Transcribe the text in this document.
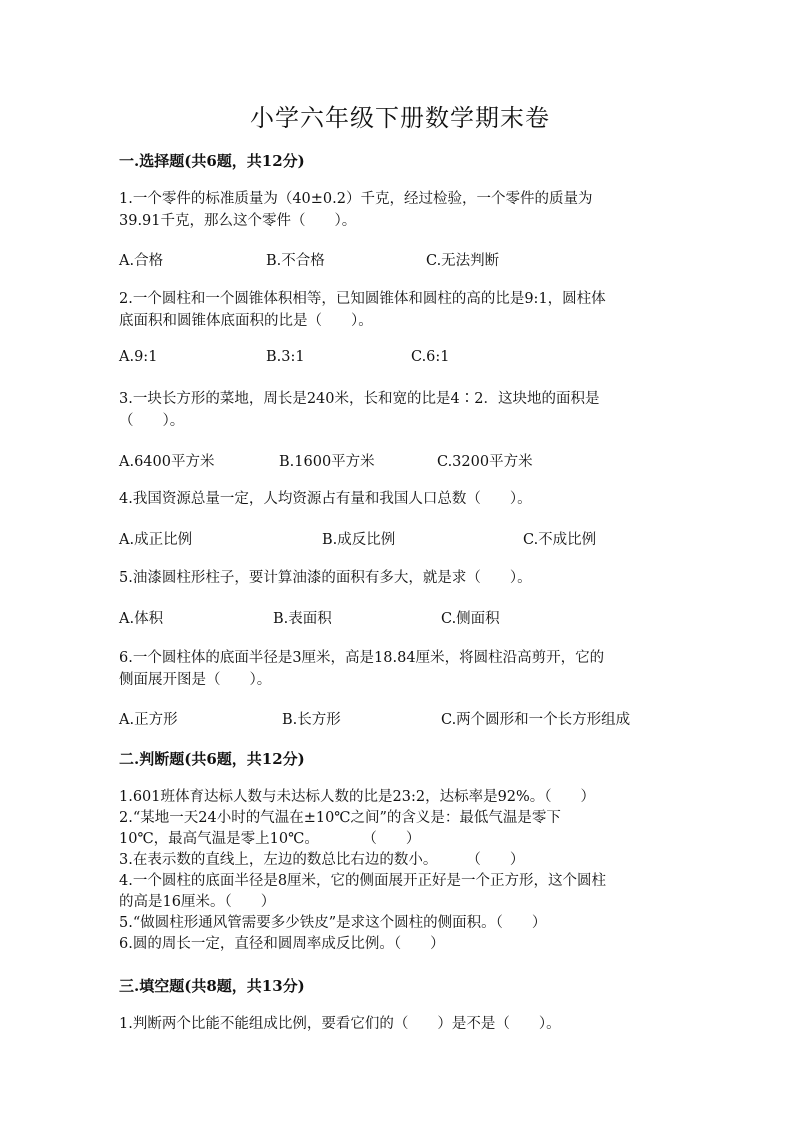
小学六年级下册数学期末卷
一.选择题(共6题，共12分)
1.一个零件的标准质量为（40±0.2）千克，经过检验，一个零件的质量为
39.91千克，那么这个零件（　　）。
A.合格	B.不合格	C.无法判断
2.一个圆柱和一个圆锥体积相等，已知圆锥体和圆柱的高的比是9:1，圆柱体
底面积和圆锥体底面积的比是（　　）。
A.9:1	B.3:1	C.6:1
3.一块长方形的菜地，周长是240米，长和宽的比是4∶2．这块地的面积是
（　　）。
A.6400平方米	B.1600平方米	C.3200平方米
4.我国资源总量一定，人均资源占有量和我国人口总数（　　）。
A.成正比例	B.成反比例	C.不成比例
5.油漆圆柱形柱子，要计算油漆的面积有多大，就是求（　　）。
A.体积	B.表面积	C.侧面积
6.一个圆柱体的底面半径是3厘米，高是18.84厘米，将圆柱沿高剪开，它的
侧面展开图是（　　）。
A.正方形	B.长方形	C.两个圆形和一个长方形组成
二.判断题(共6题，共12分)
1.601班体育达标人数与未达标人数的比是23:2，达标率是92%。（　　）
2.“某地一天24小时的气温在±10℃之间”的含义是：最低气温是零下
10℃，最高气温是零上10℃。　　　　（　　）
3.在表示数的直线上，左边的数总比右边的数小。　　　（　　）
4.一个圆柱的底面半径是8厘米，它的侧面展开正好是一个正方形，这个圆柱
的高是16厘米。（　　）
5.“做圆柱形通风管需要多少铁皮”是求这个圆柱的侧面积。（　　）
6.圆的周长一定，直径和圆周率成反比例。（　　）
三.填空题(共8题，共13分)
1.判断两个比能不能组成比例，要看它们的（　　）是不是（　　）。
